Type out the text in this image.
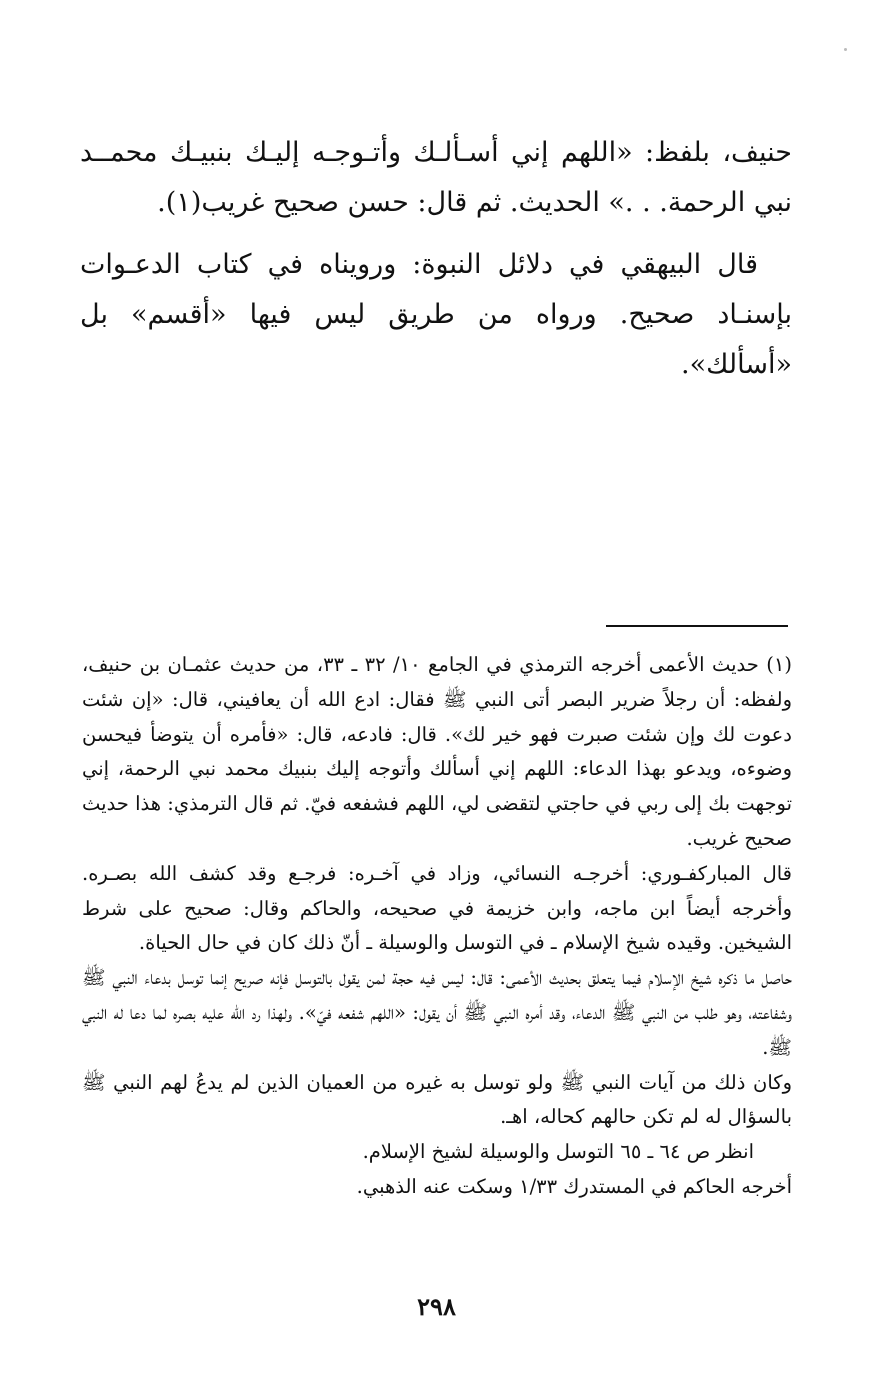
حنيف، بلفظ: «اللهم إني أسـألـك وأتـوجـه إليـك بنبيـك محمــد نبي الرحمة. . .» الحديث. ثم قال: حسن صحيح غريب(١).

قال البيهقي في دلائل النبوة: ورويناه في كتاب الدعـوات بإسنـاد صحيح. ورواه من طريق ليس فيها «أقسم» بل «أسألك».

(١) حديث الأعمى أخرجه الترمذي في الجامع ١٠/ ٣٢ ـ ٣٣، من حديث عثمـان بن حنيف، ولفظه: أن رجلاً ضرير البصر أتى النبي ﷺ فقال: ادع الله أن يعافيني، قال: «إن شئت دعوت لك وإن شئت صبرت فهو خير لك». قال: فادعه، قال: «فأمره أن يتوضأ فيحسن وضوءه، ويدعو بهذا الدعاء: اللهم إني أسألك وأتوجه إليك بنبيك محمد نبي الرحمة، إني توجهت بك إلى ربي في حاجتي لتقضى لي، اللهم فشفعه فيّ. ثم قال الترمذي: هذا حديث صحيح غريب.

قال المباركفـوري: أخرجـه النسائي، وزاد في آخـره: فرجـع وقد كشف الله بصـره. وأخرجه أيضاً ابن ماجه، وابن خزيمة في صحيحه، والحاكم وقال: صحيح على شرط الشيخين. وقيده شيخ الإسلام ـ في التوسل والوسيلة ـ أنّ ذلك كان في حال الحياة.

حاصل ما ذكره شيخ الإسلام فيما يتعلق بحديث الأعمى: قال: ليس فيه حجة لمن يقول بالتوسل فإنه صريح إنما توسل بدعاء النبي ﷺ وشفاعته، وهو طلب من النبي ﷺ الدعاء، وقد أمره النبي ﷺ أن يقول: «اللهم شفعه فيّ». ولهذا رد الله عليه بصره لما دعا له النبي ﷺ.

وكان ذلك من آيات النبي ﷺ ولو توسل به غيره من العميان الذين لم يدعُ لهم النبي ﷺ بالسؤال له لم تكن حالهم كحاله، اهـ.

انظر ص ٦٤ ـ ٦٥ التوسل والوسيلة لشيخ الإسلام.

أخرجه الحاكم في المستدرك ١/٣٣ وسكت عنه الذهبي.

٢٩٨
